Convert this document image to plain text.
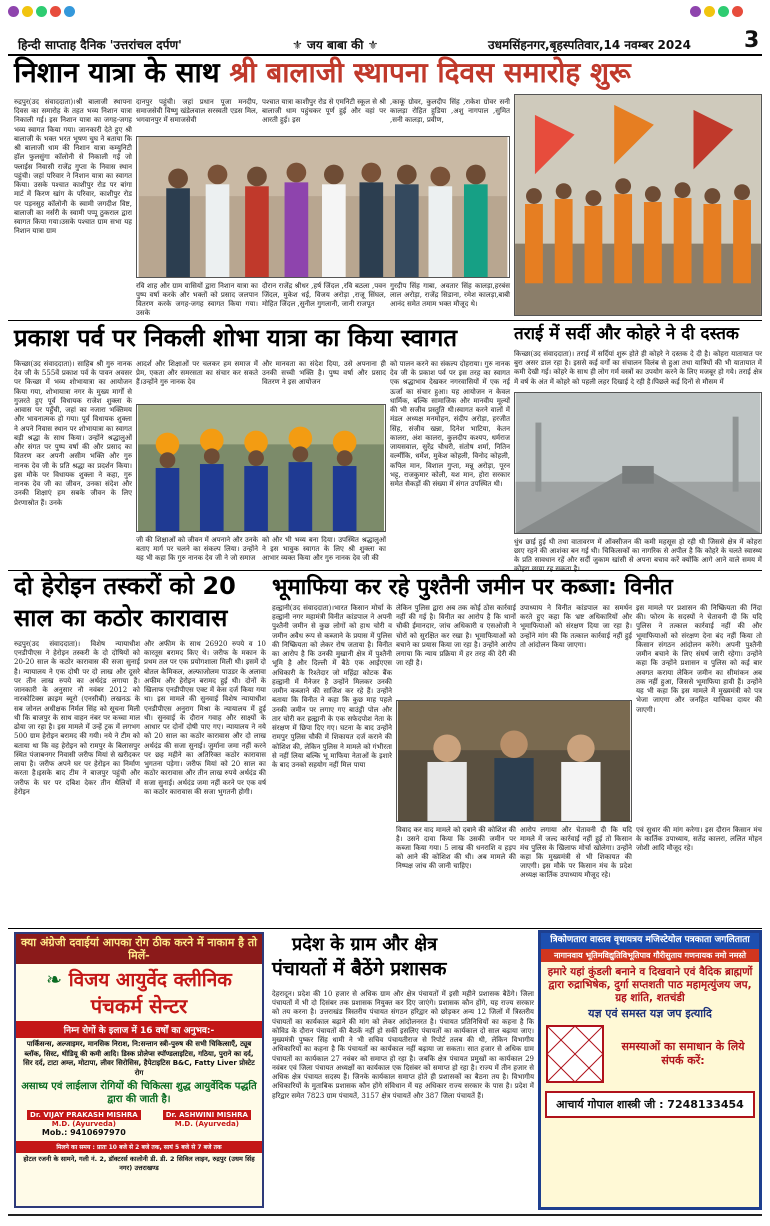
हिन्दी साप्ताह दैनिक 'उत्तरांचल दर्पण'	⚜ जय बाबा की ⚜	उधमसिंहनगर,बृहस्पतिवार,14 नवम्बर 2024 3
निशान यात्रा के साथ श्री बालाजी स्थापना दिवस समारोह शुरू
रुद्रपुर(उद संवाददाता)।श्री बालाजी स्थापना दिवस का समारोह के तहत भव्य निशान यात्रा निकाली गई। इस निशान यात्रा का जगह-जगह भव्य स्वागत किया गया। जानकारी देते हुए श्री बालाजी के भक्त भरत भूषण चुघ ने बताया कि श्री बालाजी धाम की निशान यात्रा कम्युनिटी हॉल फुलसुंगा कॉलोनी से निकाली गई जो फ्लाईस निवासी राजेंद्र गुप्ता के निवास स्थान पहुंची। जहां परिवार ने निशान यात्रा का स्वागत किया। उसके पश्चात काशीपुर रोड पर बांगा मार्ट में किरण खांग के परिवार, काशीपुर रोड पर पड़नसुह कॉलोनी के स्वामी जगदीश विष्ट, बालाजी का नर्सरी के स्वामी पप्पू ठुकराल द्वारा स्वागत किया गया।उसके पश्चात ग्राम सभा यह निशान यात्रा ग्राम
दानपुर पहुंची। जहां प्रधान पूजा मनदीप, समाजसेवी विष्णु खंडेलवाल सरस्वती एडस मिल, भगवानपुर में समाजसेवी
पश्चात यात्रा काशीपुर रोड से एमनिटी स्कूल से श्री बालाजी धाम पहुंचकर पूर्ण हुई और वहां पर आरती हुई। इस
,काकू ग्रोवर, कुलदीप सिंह ,राकेश ग्रोवर सनी कालड़ा रोहित हुडिया ,अशु नागपाल ,सुमित ,सनी कालड़ा, प्रवीण,
रवि शाह और ग्राम वासियों द्वारा निशान यात्रा का पुष्प वर्षा करके और भक्तों को प्रसाद जलपान वितरण करके जगह-जगह स्वागत किया गया। उसके
दौरान राजेंद्र श्रीधर ,हर्ष जिंदल ,रवि बठला ,पवन जिंदल, मुकेश धई, विजय अरोड़ा ,राजू सिंघल, मोहित जिंदल ,सुनील गुगलानी, जानी राजपूत
गुरदीप सिंह गाबा, अवतार सिंह कालड़ा,हरबंस लाल अरोड़ा, राजेंद्र सिडाना, रमेश कालड़ा,बाबी आनंद समेत तमाम भक्त मौजूद थे।
प्रकाश पर्व पर निकली शोभा यात्रा का किया स्वागत
किच्छा(उद संवाददाता)। साहिब श्री गुरु नानक देव जी के 555वें प्रकाश पर्व के पावन अवसर पर किच्छा में भव्य शोभायात्रा का आयोजन किया गया, शोभायात्रा नगर के मुख्य मार्गों से गुजरते हुए पूर्व विधायक राजेश शुक्ला के आवास पर पहुँची, जहां का नजारा भक्तिमय और भावनात्मक हो गया। पूर्व विधायक शुक्ला ने अपने निवास स्थान पर शोभायात्रा का स्वागत बड़ी श्रद्धा के साथ किया। उन्होंने श्रद्धालुओं और संगत पर पुष्प वर्षा की और प्रसाद का वितरण कर अपनी असीम भक्ति और गुरु नानक देव जी के प्रति श्रद्धा का प्रदर्शन किया। इस मौके पर विधायक शुक्ला ने कहा, गुरु नानक देव जी का जीवन, उनका संदेश और उनकी शिक्षाएं हम सबके जीवन के लिए प्रेरणास्रोत हैं। उनके
आदर्श और शिक्षाओं पर चलकर हम समाज में प्रेम, एकता और समरसता का संचार कर सकते हैं।उन्होंने गुरु नानक देव
और मानवता का संदेश दिया, उसे अपनाना ही उनकी सच्ची भक्ति है। पुष्प वर्षा और प्रसाद वितरण ने इस आयोजन
को पालन करने का संकल्प दोहराया। गुरु नानक देव जी के प्रकाश पर्व पर इस तरह का स्वागत एक श्रद्धाभाव देखकर नगरवासियों में एक नई ऊर्जा का संचार हुआ। यह आयोजन न केवल धार्मिक, बल्कि सामाजिक और मानवीय मूल्यों की भी सजीव प्रस्तुति थी।स्वागत करने वालों में मंडल अध्यक्ष मनमोहन, संदीप अरोड़ा, हरजीत सिंह, संजीव खन्ना, दिनेश भाटिया, केतन कालरा, अंश कालरा, कुलदीप कश्यप, धर्मराज जायसवाल, सुरेंद्र चौधरी, संतोष शर्मा, नितिन वर्ल्मीकि, धर्मेश, मुकेश कोहली, विनोद कोहली, कपिल मान, विशाल गुप्ता, मन्नू अरोड़ा, पूरन भट्ट, राजकुमार कोली, यश मान, होरा सरकार समेत सैकड़ों की संख्या में संगत उपस्थित थी।
जी की शिक्षाओं को जीवन में अपनाने और उनके बताए मार्ग पर चलने का संकल्प लिया। उन्होंने यह भी कहा कि गुरु नानक देव जी ने जो समाज
को और भी भव्य बना दिया। उपस्थित श्रद्धालुओं ने इस भावुक स्वागत के लिए श्री शुक्ला का आभार व्यक्त किया और गुरु नानक देव जी की
तराई में सर्दी और कोहरे ने दी दस्तक
किच्छा(उद संवाददाता)। तराई में सर्दियां शुरू होते ही कोहरे ने दस्तक दे दी है। कोहरा यातायात पर बुरा असर डाल रहा है। इससे कई वर्गों का संचालन विलंब से हुआ तथा यात्रियों की भी यातायात में कमी देखी गई। कोहरे के साथ ही लोग गर्म वस्त्रों का उपयोग करने के लिए मजबूर हो गये। तराई क्षेत्र में वर्ष के अंत में कोहरे को पहली लहर दिखाई दे रही है।पिछले कई दिनों से मौसम में
धुंध छाई हुई थी तथा वातावरण में ऑक्सीजन की कमी महसूस हो रही थी जिससे क्षेत्र में कोहरा छाए रहने की आशंका बन गई थी। चिकित्सकों का नागरिक से अपील है कि कोहरे के चलते स्वास्थ्य के प्रति सावधान रहें और सर्दी जुकाम खांसी से अपना बचाव करें क्योंकि आगे आने वाले समय में
दो हेरोइन तस्करों को 20
साल का कठोर कारावास
रुद्रपुर(उद संवाददाता)। विशेष न्यायाधीश एनडीपीएस ने हेरोइन तस्करी के दो दोषियों को 20-20 साल के कठोर कारावास की सजा सुनाई है। न्यायालय ने एक दोषी पर दो लाख और दूसरे पर तीन लाख रुपये का अर्थदंड लगाया है। जानकारी के अनुसार नौ नवंबर 2012 को नारकोटिक्स क्राइम ब्यूरो (एनसीबी) लखनऊ के सब जोनल अधीक्षक निर्मल सिंह को सूचना मिली थी कि बाजपुर के साथ वाहन नंबर पर कच्चा माल ढोया जा रहा है। इस मामले में उन्हें ट्रक में लगभग 500 ग्राम हेरोइन बरामद की गयी। नये ने टीम को बताया था कि वह हेरोइन को रामपुर के बिलासपुर स्थित पंजाबनगर निवासी जरीफ मियां से खरीदकर लाया है। जरीफ अपने घर पर हेरोइन का निर्माण करता है।इसके बाद टीम ने बाजपुर पहुंची और जरीफ के घर पर दबिश देकर तीन थैलियों में हेरोइन
और अफीम के साथ 26920 रुपये व 10 कारतूस बरामद किए थे। जरीफ के मकान के प्रथम तल पर एक प्रयोगशाला मिली थी। इसमें दो बोतल केमिकल, अल्फाजोलम पाउडर के अलावा अफीम और हेरोइन बरामद हुई थी। दोनों के खिलाफ एनडीपीएस एक्ट में केस दर्ज किया गया था। इस मामले की सुनवाई विशेष न्यायाधीश एनडीपीएस अनुराग मिश्रा के न्यायालय में हुई थी। सुनवाई के दौरान गवाह और साक्ष्यों के आधार पर दोनों दोषी पाए गए। न्यायालय ने नये को 20 साल का कठोर कारावास और दो लाख अर्थदंड की सजा सुनाई। जुर्माना जमा नहीं करने पर छह महीने का अतिरिक्त कठोर कारावास भुगतना पड़ेगा। जरीफ मियां को 20 साल का कठोर कारावास और तीन लाख रुपये अर्थदंड की सजा सुनाई। अर्थदंड जमा नहीं करने पर एक वर्ष का कठोर कारावास की सजा भुगतनी होगी।
भूमाफिया कर रहे पुश्तैनी जमीन पर कब्जा: विनीत
हल्द्वानी(उद संवाददाता)।भारत किसान मोर्चा के हल्द्वानी नगर महामंत्री विनीत कांडपाल ने अपनी पुश्तैनी जमीन से कुछ लोगों को हाथ चोरी व जमीन अवैध रूप से कब्जाने के प्रयास में पुलिस की निष्क्रियता को लेकर रोष जताया है। विनीत का आरोप है कि उनकी मुखानी क्षेत्र में पुश्तैनी भूमि है और दिल्ली में बैठे एक आईएएस अधिकारी के रिश्तेदार जो महिंद्रा कोटक बैंक हल्द्वानी में मैनेजर है उन्होंने मिलकर उनकी जमीन कब्जाने की साजिश कर रहे हैं। उन्होंने बताया कि विनीत ने कहा कि कुछ माह पहले उनकी जमीन पर लगाए गए बाउंड्री पोल और तार चोरी कर हल्द्वानी के एक सफेदपोश नेता के संरक्षण में छिपा दिए गए। घटना के बाद उन्होंने रामपुर पुलिस चौकी में शिकायत दर्ज कराने की कोशिश की, लेकिन पुलिस ने मामले को गंभीरता से नहीं लिया बल्कि भू माफिया नेताओं के इशारे के बाद उनको सहयोग नहीं मिल पाया
लेकिन पुलिस द्वारा अब तक कोई ठोस कार्रवाई नहीं की गई है। विनीत का आरोप है कि थानों चौकी ईमानदार, जांच अधिकारी व एसओजी ने चोरों को सुरक्षित कर रखा है। भूमाफियाओं को बचाने का प्रयास किया जा रहा है। उन्होंने आरोप लगाया कि न्याय प्रक्रिया में हर तरह की देरी की जा रही है।
उपाध्याय ने विनीत कांडपाल का समर्थन करते हुए कहा कि भ्रष्ट अधिकारियों और भूमाफियाओं को संरक्षण दिया जा रहा है। उन्होंने मांग की कि तत्काल कार्रवाई नहीं हुई तो आंदोलन किया जाएगा।
इस मामले पर प्रशासन की निष्क्रियता की निंदा की। फोरम के सदस्यों ने चेतावनी दी कि यदि पुलिस ने तत्काल कार्रवाई नहीं की और भूमाफियाओं को संरक्षण देना बंद नहीं किया तो किसान संगठन आंदोलन करेंगे। अपनी पुश्तैनी जमीन बचाने के लिए संघर्ष जारी रहेगा। उन्होंने कहा कि उन्होंने प्रशासन व पुलिस को कई बार अवगत कराया लेकिन जमीन का सीमांकन अब तक नहीं हुआ, जिससे भूमाफिया हावी हैं। उन्होंने यह भी कहा कि इस मामले में मुख्यमंत्री को पत्र भेजा जाएगा और जनहित याचिका दायर की जाएगी।
विवाद कर वाद मामले को दबाने की कोशिश की है। उसने दावा किया कि उसकी जमीन पर कब्जा किया गया। 5 लाख की धनराशि व हड़प को आने की कोशिश की थी। अब मामले की निष्पक्ष जांच की जानी चाहिए।
आरोप लगाया और चेतावनी दी कि यदि मामले में जल्द कार्रवाई नहीं हुई तो किसान मंच पुलिस के खिलाफ मोर्चा खोलेगा। उन्होंने कहा कि मुख्यमंत्री से भी शिकायत की जाएगी। इस मौके पर किसान मंच के प्रदेश अध्यक्ष कार्तिक उपाध्याय मौजूद रहे।
एवं सुधार की मांग करेगा। इस दौरान किसान मंच के कार्तिक उपाध्याय, सतेंद्र कालरा, ललित मोहन जोशी आदि मौजूद रहे।
क्या अंग्रेजी दवाईयां आपका रोग ठीक करने में नाकाम है तो मिलें-
❧ विजय आयुर्वेद क्लीनिक
पंचकर्म सेन्टर
निम्न रोगों के इलाज में 16 वर्षों का अनुभव:-
पार्किंसन्स, अल्जाइमर, मानसिक निराश, नि:सन्तान स्त्री-पुरुष की सभी चिकित्साएँ, ट्यूब ब्लॉक, सिस्ट, थीडियू की कमी आदि। डिस्क प्रोलेप्स स्पॉण्डलाइटिस, गठिया, पुराने का दर्द, सिर दर्द, टाटा अम्ल, मोटापा, लीवर सिरोसिस, हैपेटाइटिस B&C, Fatty Liver प्रोस्टेट रोग
असाध्य एवं लाईलाज रोगियों की चिकित्सा शुद्ध आयुर्वेदिक पद्धति द्वारा की जाती है।
Dr. VIJAY PRAKASH MISHRA
M.D. (Ayurveda)
Mob.: 9410697970
Dr. ASHWINI MISHRA
M.D. (Ayurveda)
मिलने का समय : प्रातः 10 बजे से 2 बजे तक, सायं 5 बजे से 7 बजे तक
होटल रजनी के सामने, गली नं. 2, डॉक्टरर्स कालोनी डी. डी. 2 सिविल लाइन, रुद्रपुर (उधम सिंह नगर) उत्तराखण्ड
प्रदेश के ग्राम और क्षेत्र
पंचायतों में बैठेंगे प्रशासक
देहरादून। प्रदेश की 10 हजार से अधिक ग्राम और क्षेत्र पंचायतों में इसी महीने प्रशासक बैठेंगे। जिला पंचायतों में भी दो दिसंबर तक प्रशासक नियुक्त कर दिए जाएंगे। प्रशासक कौन होंगे, यह राज्य सरकार को तय करना है। उत्तराखंड त्रिस्तरीय पंचायत संगठन हरिद्वार को छोड़कर अन्य 12 जिलों में त्रिस्तरीय पंचायतों का कार्यकाल बढ़ाने की मांग को लेकर आंदोलनरत है। पंचायत प्रतिनिधियों का कहना है कि कोविड के दौरान पंचायतों की बैठकें नहीं हो सकीं इसलिए पंचायतों का कार्यकाल दो साल बढ़ाया जाए। मुख्यमंत्री पुष्कर सिंह धामी ने भी सचिव पंचायतीराज से रिपोर्ट तलब की थी, लेकिन विभागीय अधिकारियों का कहना है कि पंचायतों का कार्यकाल नहीं बढ़ाया जा सकता। सात हजार से अधिक ग्राम पंचायतों का कार्यकाल 27 नवंबर को समाप्त हो रहा है। जबकि क्षेत्र पंचायत प्रमुखों का कार्यकाल 29 नवंबर एवं जिला पंचायत अध्यक्षों का कार्यकाल एक दिसंबर को समाप्त हो रहा है। राज्य में तीन हजार से अधिक क्षेत्र पंचायत सदस्य हैं। जिनके कार्यकाल समाप्त होते ही प्रशासकों का बैठना तय है। विभागीय अधिकारियों के मुताबिक प्रशासक कौन होंगे संविधान में यह अधिकार राज्य सरकार के पास है। प्रदेश में हरिद्वार समेत 7823 ग्राम पंचायतें, 3157 क्षेत्र पंचायतें और 387 जिला पंचायतें हैं।
त्रिकोणतारा वास्तव वृधायत्रय मजिस्टेयोल पत्रकाता जगलिताता
नागानवाय भूतिमविद्युतिविभूतिपाव गौरीसुताय गणनायक नमो नमस्ते
हमारे यहां कुंडली बनाने व दिखवाने एवं वैदिक ब्राह्मणों द्वारा रुद्राभिषेक, दुर्गा सप्तशती पाठ महामृत्युंजय जप, ग्रह शांति, शतचंडी
यज्ञ एवं समस्त यज्ञ जप इत्यादि
समस्याओं का समाधान के लिये संपर्क करें:
आचार्य गोपाल शास्त्री जी : 7248133454
